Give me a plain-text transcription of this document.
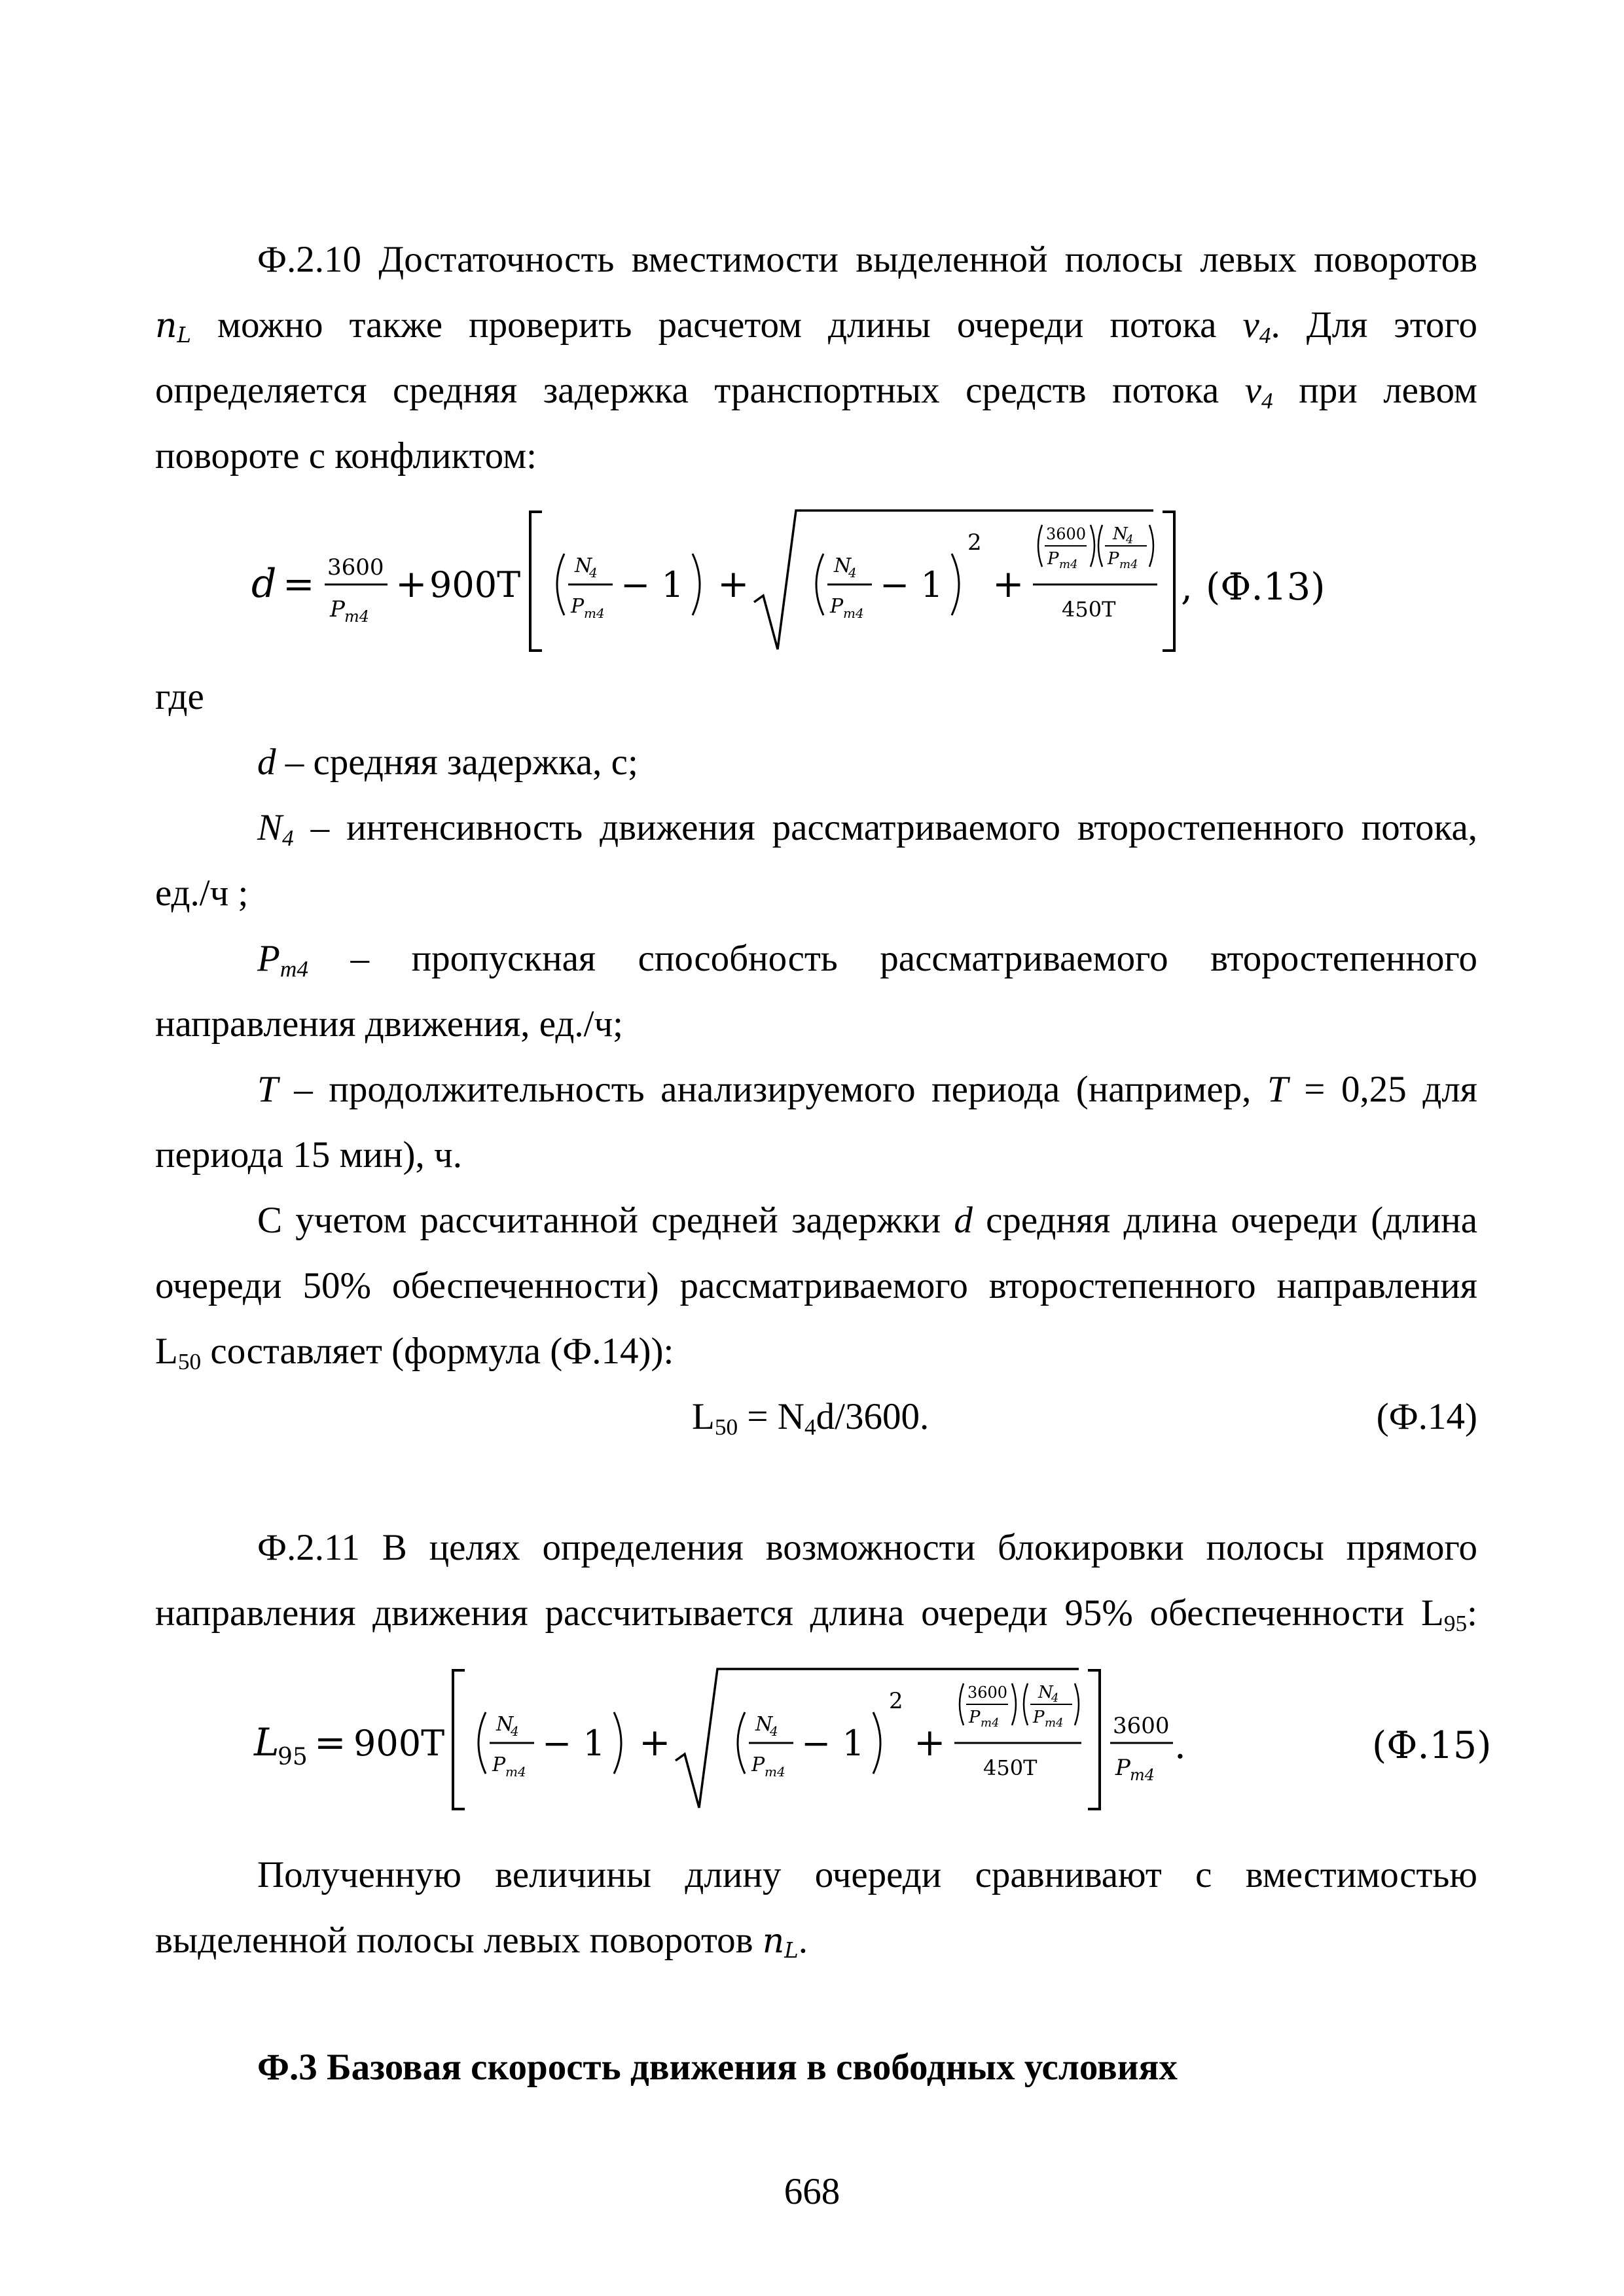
Ф.2.10 Достаточность вместимости выделенной полосы левых поворотов
$n_L$ можно также проверить расчетом длины очереди потока $v_4$. Для этого
определяется средняя задержка транспортных средств потока $v_4$ при левом
повороте с конфликтом:
d = 3600
P m4
+ 900T	N
4
P m4
− 1 +	N
4
P m4
− 1
2
+
3600
P m4
N
4
P m4
450T
, (Ф.13)
где
d – средняя задержка, с;
$N_4$ – интенсивность движения рассматриваемого второстепенного потока,
ед./ч ;
$P_{m4}$ – пропускная способность рассматриваемого второстепенного
направления движения, ед./ч;
T – продолжительность анализируемого периода (например, T = 0,25 для
периода 15 мин), ч.
С учетом рассчитанной средней задержки d средняя длина очереди (длина
очереди 50% обеспеченности) рассматриваемого второстепенного направления
$L_{50}$ составляет (формула (Ф.14)):
$L_{50} = N_4d/3600$.	(Ф.14)
Ф.2.11 В целях определения возможности блокировки полосы прямого
направления движения рассчитывается длина очереди 95% обеспеченности $L_{95}$:
L
95 = 900T	N
4
P m4
− 1 +	N
4
P m4
− 1
2
+
3600
P m4
N
4
P m4
450T
3600
P m4
.	(Ф.15)
Полученную величины длину очереди сравнивают с вместимостью
выделенной полосы левых поворотов $n_L$.
Ф.3 Базовая скорость движения в свободных условиях
668
